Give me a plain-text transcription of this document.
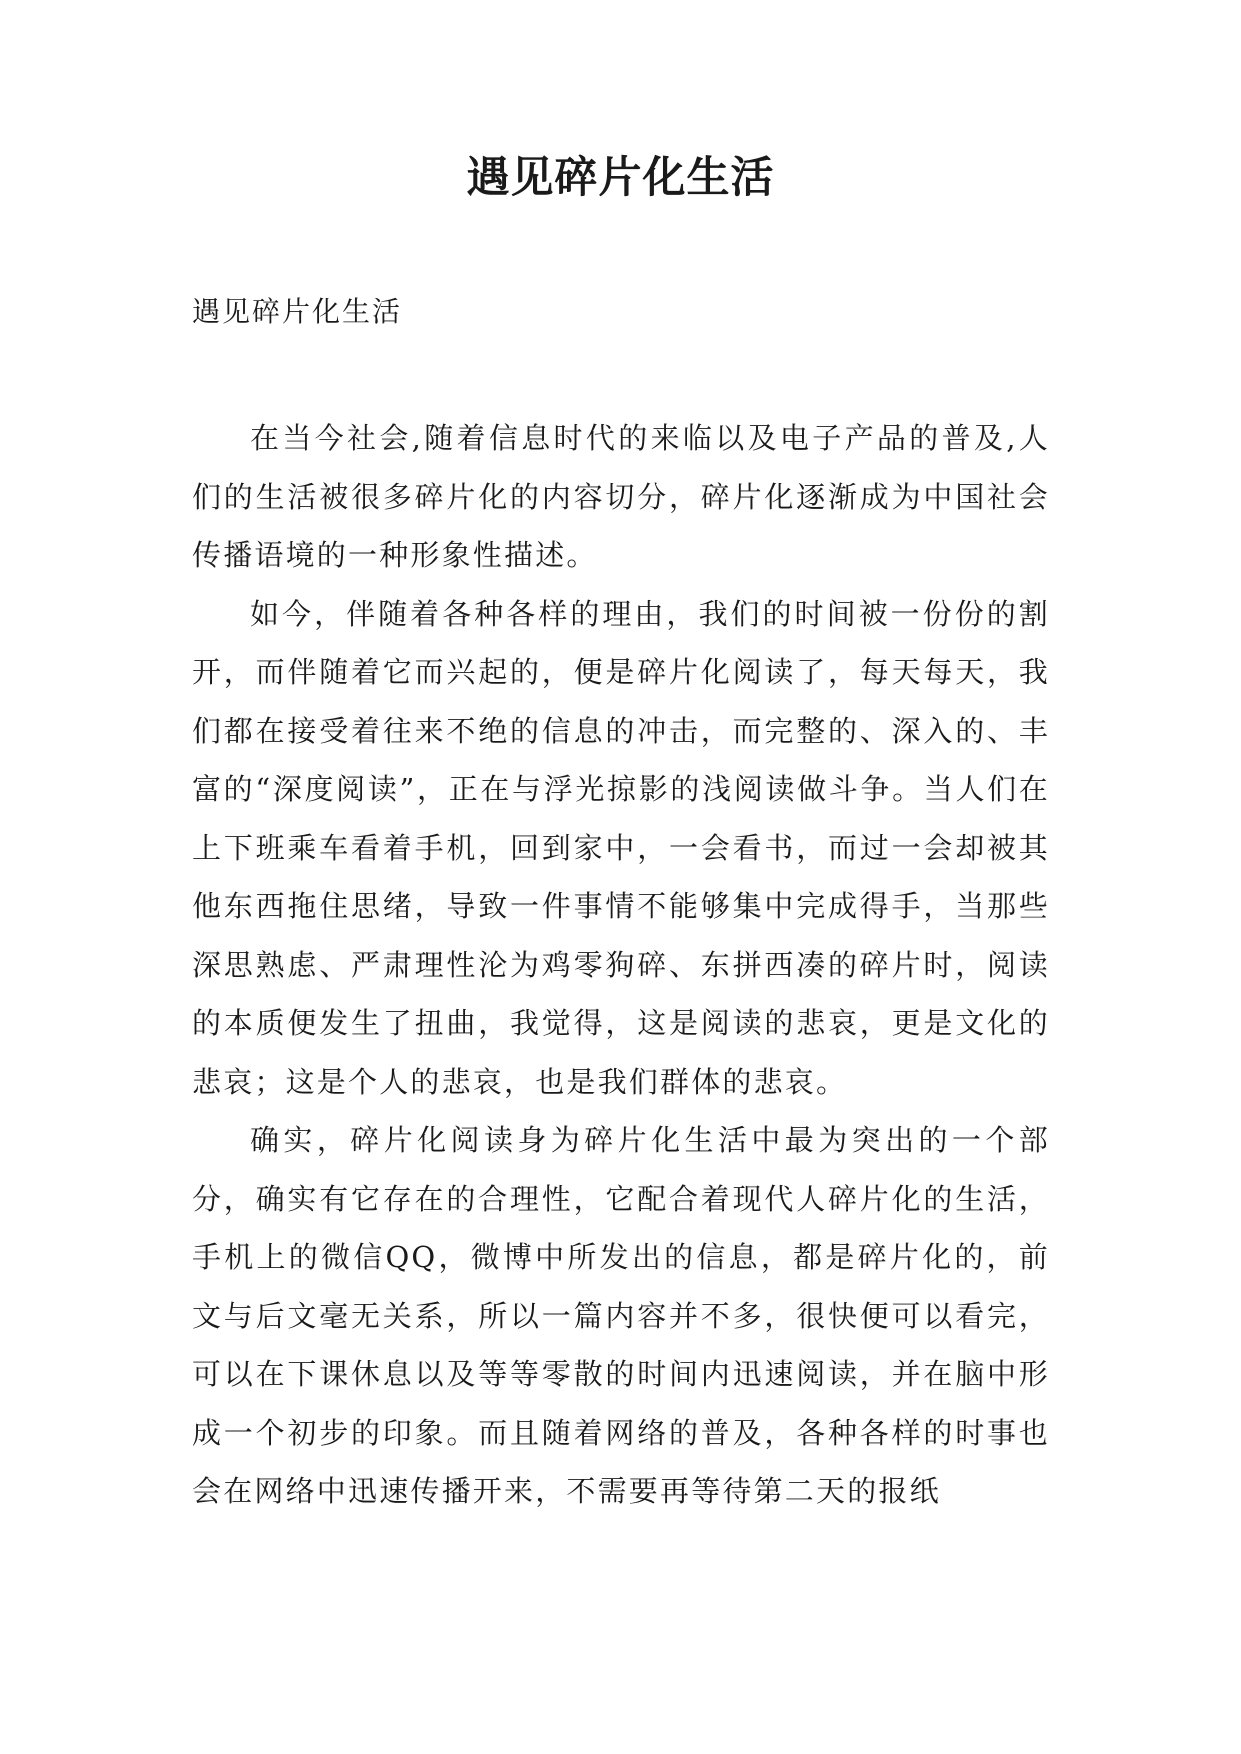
遇见碎片化生活

遇见碎片化生活

在当今社会,随着信息时代的来临以及电子产品的普及,人们的生活被很多碎片化的内容切分，碎片化逐渐成为中国社会传播语境的一种形象性描述。

如今，伴随着各种各样的理由，我们的时间被一份份的割开，而伴随着它而兴起的，便是碎片化阅读了，每天每天，我们都在接受着往来不绝的信息的冲击，而完整的、深入的、丰富的“深度阅读”，正在与浮光掠影的浅阅读做斗争。当人们在上下班乘车看着手机，回到家中，一会看书，而过一会却被其他东西拖住思绪，导致一件事情不能够集中完成得手，当那些深思熟虑、严肃理性沦为鸡零狗碎、东拼西凑的碎片时，阅读的本质便发生了扭曲，我觉得，这是阅读的悲哀，更是文化的悲哀；这是个人的悲哀，也是我们群体的悲哀。

确实，碎片化阅读身为碎片化生活中最为突出的一个部分，确实有它存在的合理性，它配合着现代人碎片化的生活，手机上的微信QQ，微博中所发出的信息，都是碎片化的，前文与后文毫无关系，所以一篇内容并不多，很快便可以看完，可以在下课休息以及等等零散的时间内迅速阅读，并在脑中形成一个初步的印象。而且随着网络的普及，各种各样的时事也会在网络中迅速传播开来，不需要再等待第二天的报纸
